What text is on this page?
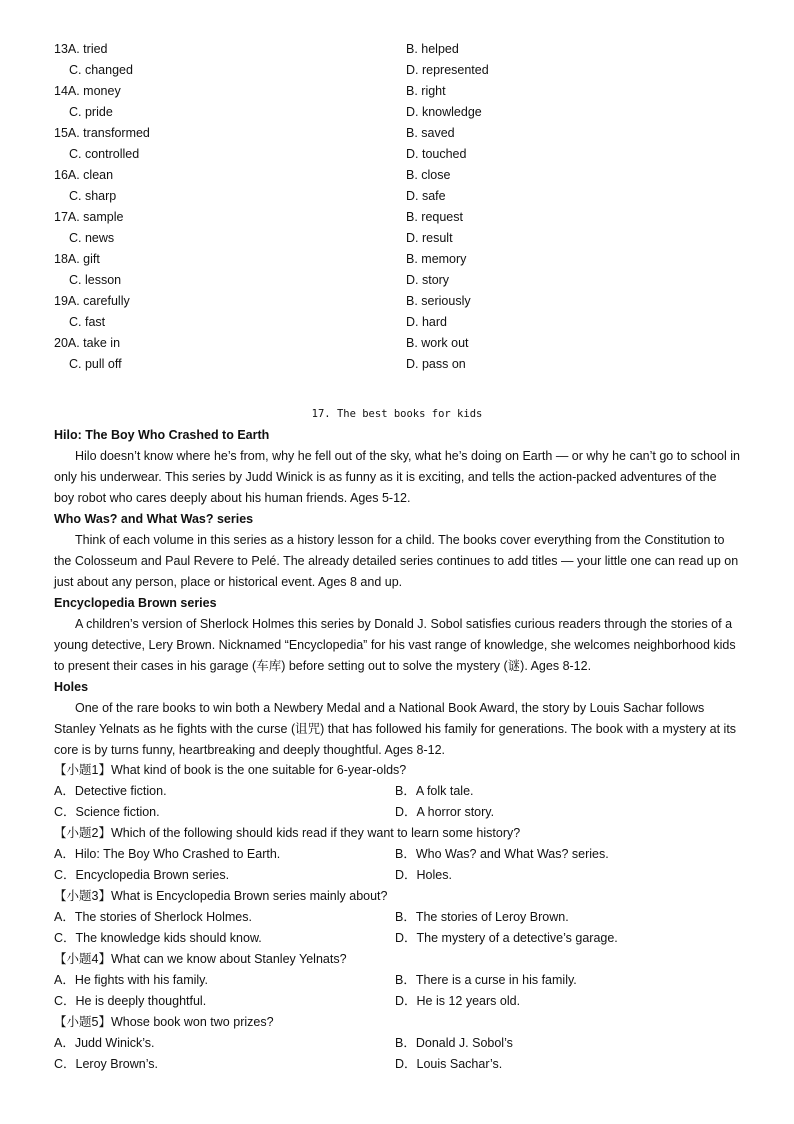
13A. tried	B. helped
C. changed	D. represented
14A. money	B. right
C. pride	D. knowledge
15A. transformed	B. saved
C. controlled	D. touched
16A. clean	B. close
C. sharp	D. safe
17A. sample	B. request
C. news	D. result
18A. gift	B. memory
C. lesson	D. story
19A. carefully	B. seriously
C. fast	D. hard
20A. take in	B. work out
C. pull off	D. pass on
17. The best books for kids
Hilo: The Boy Who Crashed to Earth

Hilo doesn’t know where he’s from, why he fell out of the sky, what he’s doing on Earth — or why he can’t go to school in only his underwear. This series by Judd Winick is as funny as it is exciting, and tells the action-packed adventures of the boy robot who cares deeply about his human friends. Ages 5-12.

Who Was? and What Was? series

Think of each volume in this series as a history lesson for a child. The books cover everything from the Constitution to the Colosseum and Paul Revere to Pelé. The already detailed series continues to add titles — your little one can read up on just about any person, place or historical event. Ages 8 and up.

Encyclopedia Brown series

A children’s version of Sherlock Holmes this series by Donald J. Sobol satisfies curious readers through the stories of a young detective, Lery Brown. Nicknamed “Encyclopedia” for his vast range of knowledge, she welcomes neighborhood kids to present their cases in his garage (车库) before setting out to solve the mystery (谜). Ages 8-12.

Holes

One of the rare books to win both a Newbery Medal and a National Book Award, the story by Louis Sachar follows Stanley Yelnats as he fights with the curse (诅咒) that has followed his family for generations. The book with a mystery at its core is by turns funny, heartbreaking and deeply thoughtful. Ages 8-12.

【小题1】What kind of book is the one suitable for 6-year-olds?
A．Detective fiction.	B．A folk tale.
C．Science fiction.	D．A horror story.
【小题2】Which of the following should kids read if they want to learn some history?
A．Hilo: The Boy Who Crashed to Earth.	B．Who Was? and What Was? series.
C．Encyclopedia Brown series.	D．Holes.
【小题3】What is Encyclopedia Brown series mainly about?
A．The stories of Sherlock Holmes.	B．The stories of Leroy Brown.
C．The knowledge kids should know.	D．The mystery of a detective’s garage.
【小题4】What can we know about Stanley Yelnats?
A．He fights with his family.	B．There is a curse in his family.
C．He is deeply thoughtful.	D．He is 12 years old.
【小题5】Whose book won two prizes?
A．Judd Winick’s.	B．Donald J. Sobol’s
C．Leroy Brown’s.	D．Louis Sachar’s.
